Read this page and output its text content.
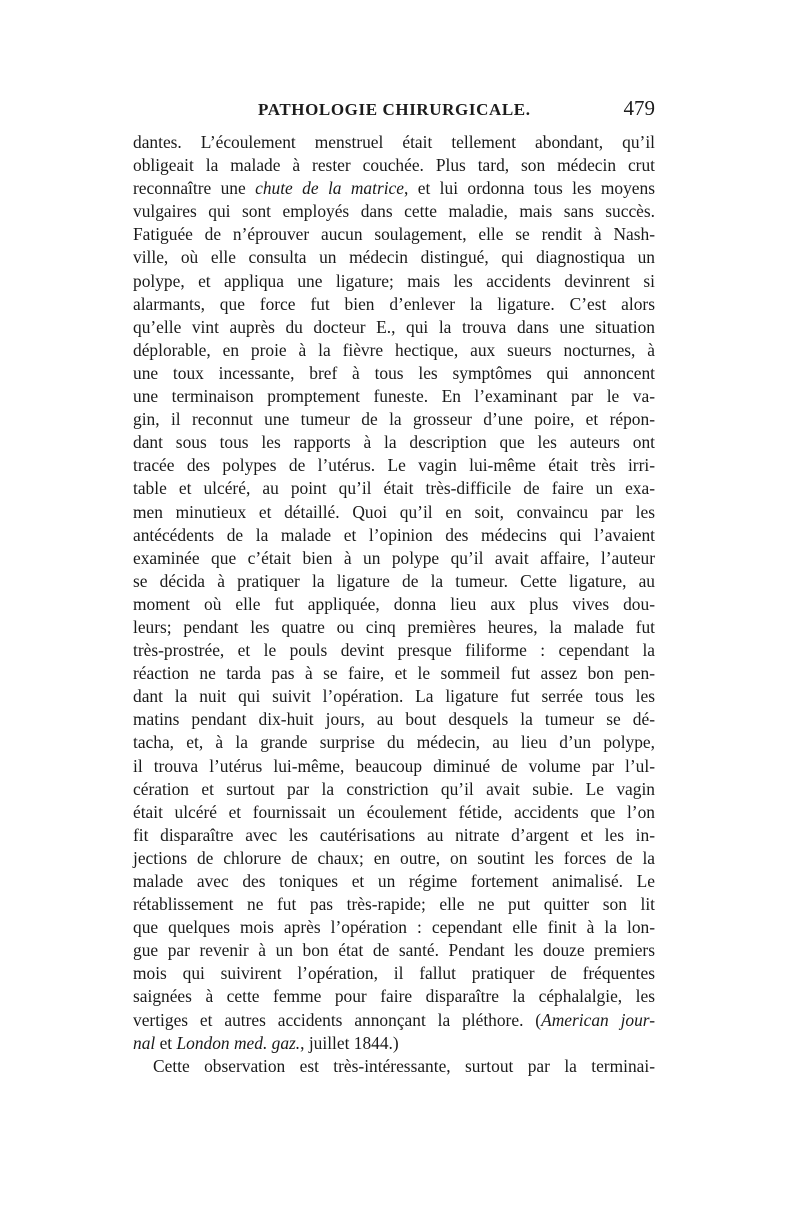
PATHOLOGIE CHIRURGICALE.	479
dantes. L’écoulement menstruel était tellement abondant, qu’il
obligeait la malade à rester couchée. Plus tard, son médecin crut
reconnaître une chute de la matrice, et lui ordonna tous les moyens
vulgaires qui sont employés dans cette maladie, mais sans succès.
Fatiguée de n’éprouver aucun soulagement, elle se rendit à Nash-
ville, où elle consulta un médecin distingué, qui diagnostiqua un
polype, et appliqua une ligature; mais les accidents devinrent si
alarmants, que force fut bien d’enlever la ligature. C’est alors
qu’elle vint auprès du docteur E., qui la trouva dans une situation
déplorable, en proie à la fièvre hectique, aux sueurs nocturnes, à
une toux incessante, bref à tous les symptômes qui annoncent
une terminaison promptement funeste. En l’examinant par le va-
gin, il reconnut une tumeur de la grosseur d’une poire, et répon-
dant sous tous les rapports à la description que les auteurs ont
tracée des polypes de l’utérus. Le vagin lui-même était très irri-
table et ulcéré, au point qu’il était très-difficile de faire un exa-
men minutieux et détaillé. Quoi qu’il en soit, convaincu par les
antécédents de la malade et l’opinion des médecins qui l’avaient
examinée que c’était bien à un polype qu’il avait affaire, l’auteur
se décida à pratiquer la ligature de la tumeur. Cette ligature, au
moment où elle fut appliquée, donna lieu aux plus vives dou-
leurs; pendant les quatre ou cinq premières heures, la malade fut
très-prostrée, et le pouls devint presque filiforme : cependant la
réaction ne tarda pas à se faire, et le sommeil fut assez bon pen-
dant la nuit qui suivit l’opération. La ligature fut serrée tous les
matins pendant dix-huit jours, au bout desquels la tumeur se dé-
tacha, et, à la grande surprise du médecin, au lieu d’un polype,
il trouva l’utérus lui-même, beaucoup diminué de volume par l’ul-
cération et surtout par la constriction qu’il avait subie. Le vagin
était ulcéré et fournissait un écoulement fétide, accidents que l’on
fit disparaître avec les cautérisations au nitrate d’argent et les in-
jections de chlorure de chaux; en outre, on soutint les forces de la
malade avec des toniques et un régime fortement animalisé. Le
rétablissement ne fut pas très-rapide; elle ne put quitter son lit
que quelques mois après l’opération : cependant elle finit à la lon-
gue par revenir à un bon état de santé. Pendant les douze premiers
mois qui suivirent l’opération, il fallut pratiquer de fréquentes
saignées à cette femme pour faire disparaître la céphalalgie, les
vertiges et autres accidents annonçant la pléthore. (American jour-
nal et London med. gaz., juillet 1844.)
Cette observation est très-intéressante, surtout par la terminai-
